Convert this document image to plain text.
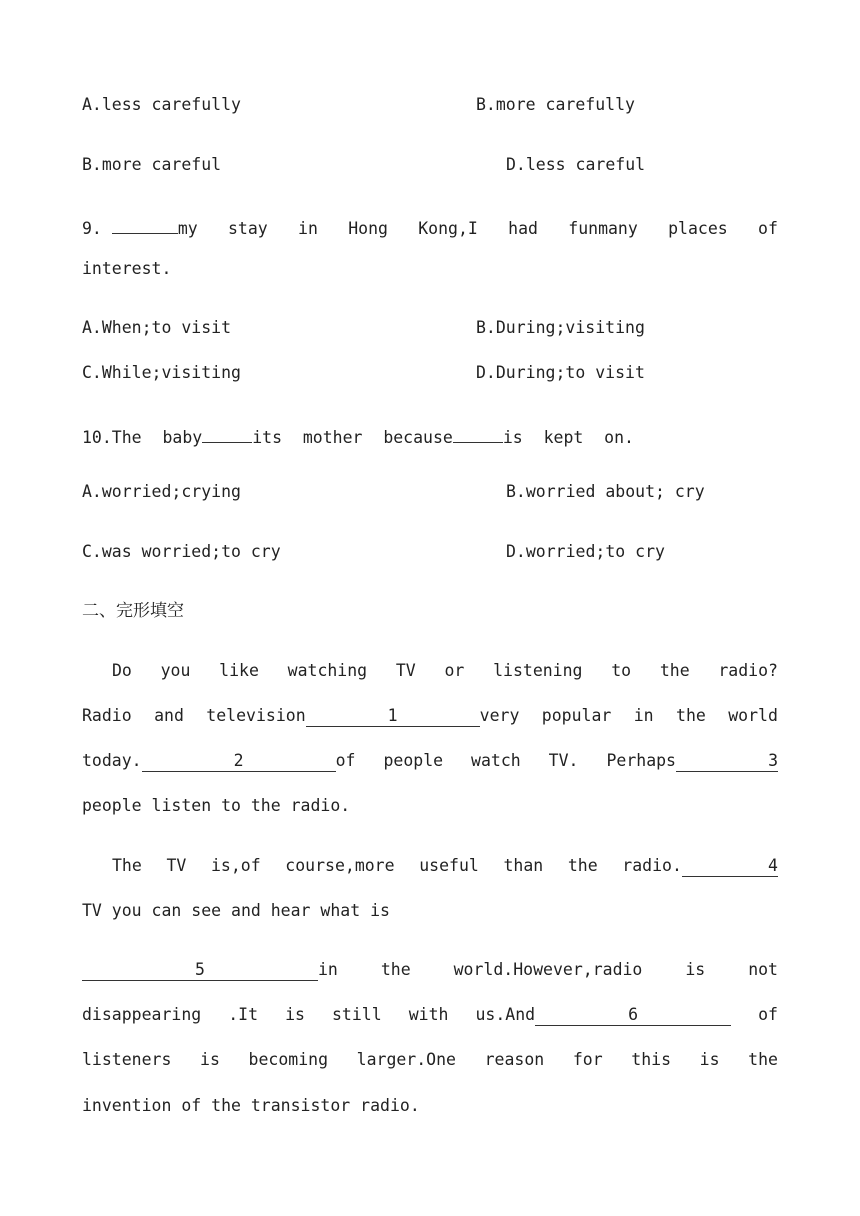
A.less carefully	B.more carefully
B.more careful	D.less careful
9.	my stay in Hong Kong,I had funmany places of
interest.
A.When;to visit	B.During;visiting
C.While;visiting	D.During;to visit
10.The baby	its mother because	is kept on.
A.worried;crying	B.worried about; cry
C.was worried;to cry	D.worried;to cry
二、完形填空
Do you like watching TV or listening to the radio?
Radio and television	1	very popular in the world
today.	2	of people watch TV. Perhaps	3
people listen to the radio.
The TV is,of course,more useful than the radio.	4
TV you can see and hear what is
5	in	the	world.However,radio	is	not
disappearing .It is still with us.And	6	of
listeners is becoming larger.One reason for this is the
invention of the transistor radio.
